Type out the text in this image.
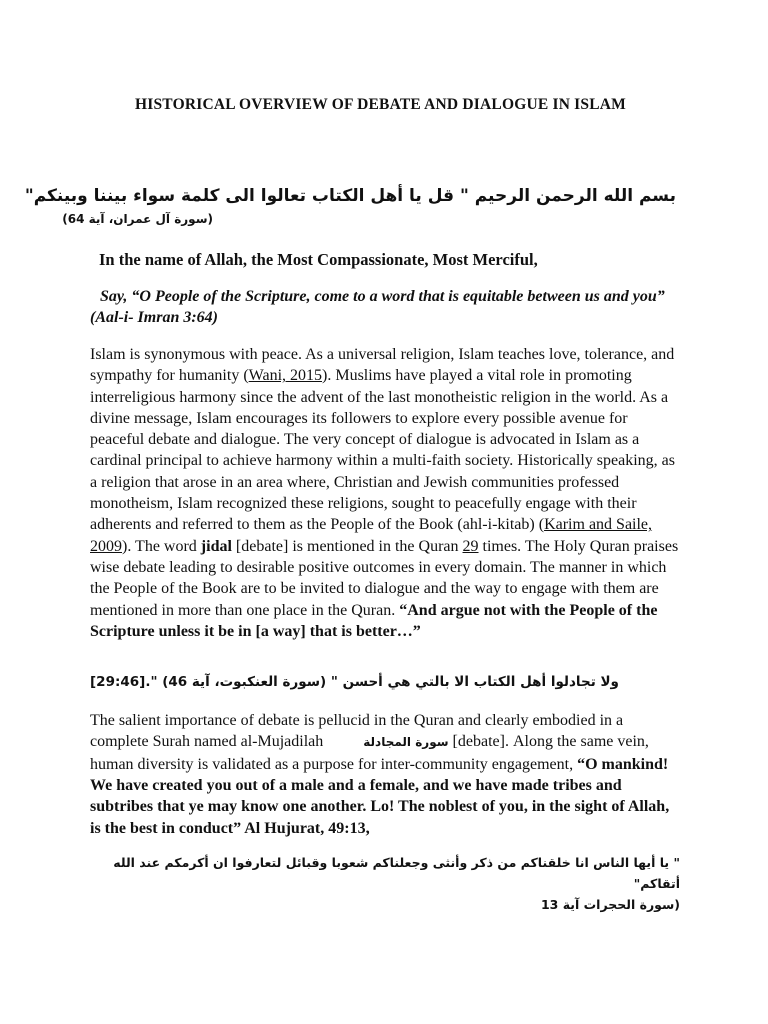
HISTORICAL OVERVIEW OF DEBATE AND DIALOGUE IN ISLAM
بسم الله الرحمن الرحيم " قل يا أهل الكتاب تعالوا الى كلمة سواء بيننا وبينكم"
(سورة آل عمران، آية 64)
In the name of Allah, the Most Compassionate, Most Merciful,
Say, “O People of the Scripture, come to a word that is equitable between us and you” (Aal-i- Imran 3:64)
Islam is synonymous with peace. As a universal religion, Islam teaches love, tolerance, and sympathy for humanity (Wani, 2015). Muslims have played a vital role in promoting interreligious harmony since the advent of the last monotheistic religion in the world. As a divine message, Islam encourages its followers to explore every possible avenue for peaceful debate and dialogue. The very concept of dialogue is advocated in Islam as a cardinal principal to achieve harmony within a multi-faith society. Historically speaking, as a religion that arose in an area where, Christian and Jewish communities professed monotheism, Islam recognized these religions, sought to peacefully engage with their adherents and referred to them as the People of the Book (ahl-i-kitab) (Karim and Saile, 2009). The word jidal [debate] is mentioned in the Quran 29 times. The Holy Quran praises wise debate leading to desirable positive outcomes in every domain. The manner in which the People of the Book are to be invited to dialogue and the way to engage with them are mentioned in more than one place in the Quran. “And argue not with the People of the Scripture unless it be in [a way] that is better…”
ولا تجادلوا أهل الكتاب الا بالتي هي أحسن " (سورة العنكبوت، آية 46) ".[29:46]
The salient importance of debate is pellucid in the Quran and clearly embodied in a complete Surah named al-Mujadilah	سورة المجادلة [debate]. Along the same vein, human diversity is validated as a purpose for inter-community engagement, “O mankind! We have created you out of a male and a female, and we have made tribes and subtribes that ye may know one another. Lo! The noblest of you, in the sight of Allah, is the best in conduct” Al Hujurat, 49:13,
" يا أيها الناس انا خلقناكم من ذكر وأنثى وجعلناكم شعوبا وقبائل لتعارفوا ان أكرمكم عند الله أتقاكم"
(سورة الحجرات آية 13
